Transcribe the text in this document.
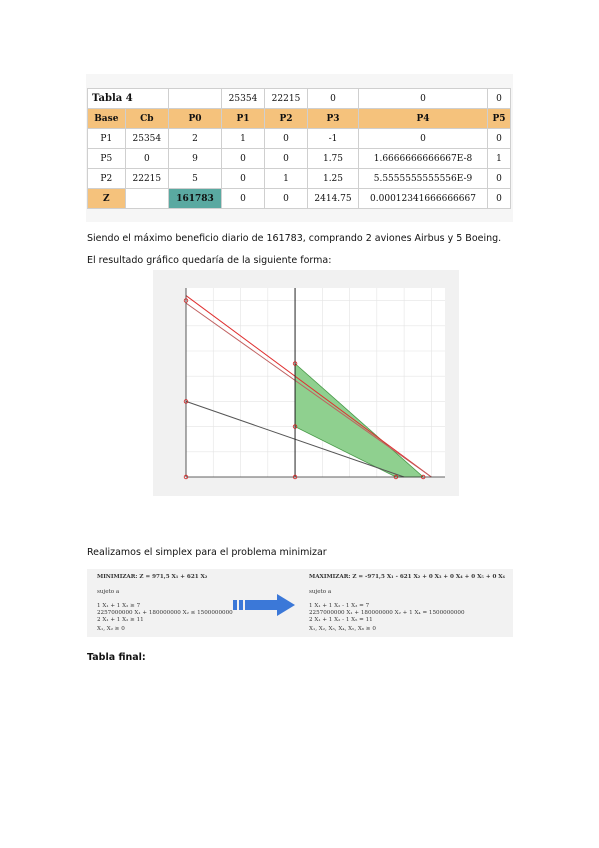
Tabla 4			25354	22215	0	0	0
Base	Cb	P0	P1	P2	P3	P4	P5
P1	25354	2	1	0	-1	0	0
P5	0	9	0	0	1.75	1.6666666666667E-8	1
P2	22215	5	0	1	1.25	5.5555555555556E-9	0
Z		161783	0	0	2414.75	0.00012341666666667	0
Siendo el máximo beneficio diario de 161783, comprando 2 aviones Airbus y 5 Boeing.
El resultado gráfico quedaría de la siguiente forma:
Realizamos el simplex para el problema minimizar
MINIMIZAR: Z = 971,5 X₁ + 621 X₂
sujeto a
1 X₁ + 1 X₂ ≥ 7
2257000000 X₁ + 180000000 X₂ ≤ 1500000000
2 X₁ + 1 X₂ ≥ 11
X₁, X₂ ≥ 0
MAXIMIZAR: Z = -971,5 X₁ - 621 X₂ + 0 X₃ + 0 X₄ + 0 X₅ + 0 X₆
sujeto a
1 X₁ + 1 X₂ - 1 X₃ = 7
2257000000 X₁ + 180000000 X₂ + 1 X₄ = 1500000000
2 X₁ + 1 X₂ - 1 X₅ = 11
X₁, X₂, X₃, X₄, X₅, X₆ ≥ 0
Tabla final:
